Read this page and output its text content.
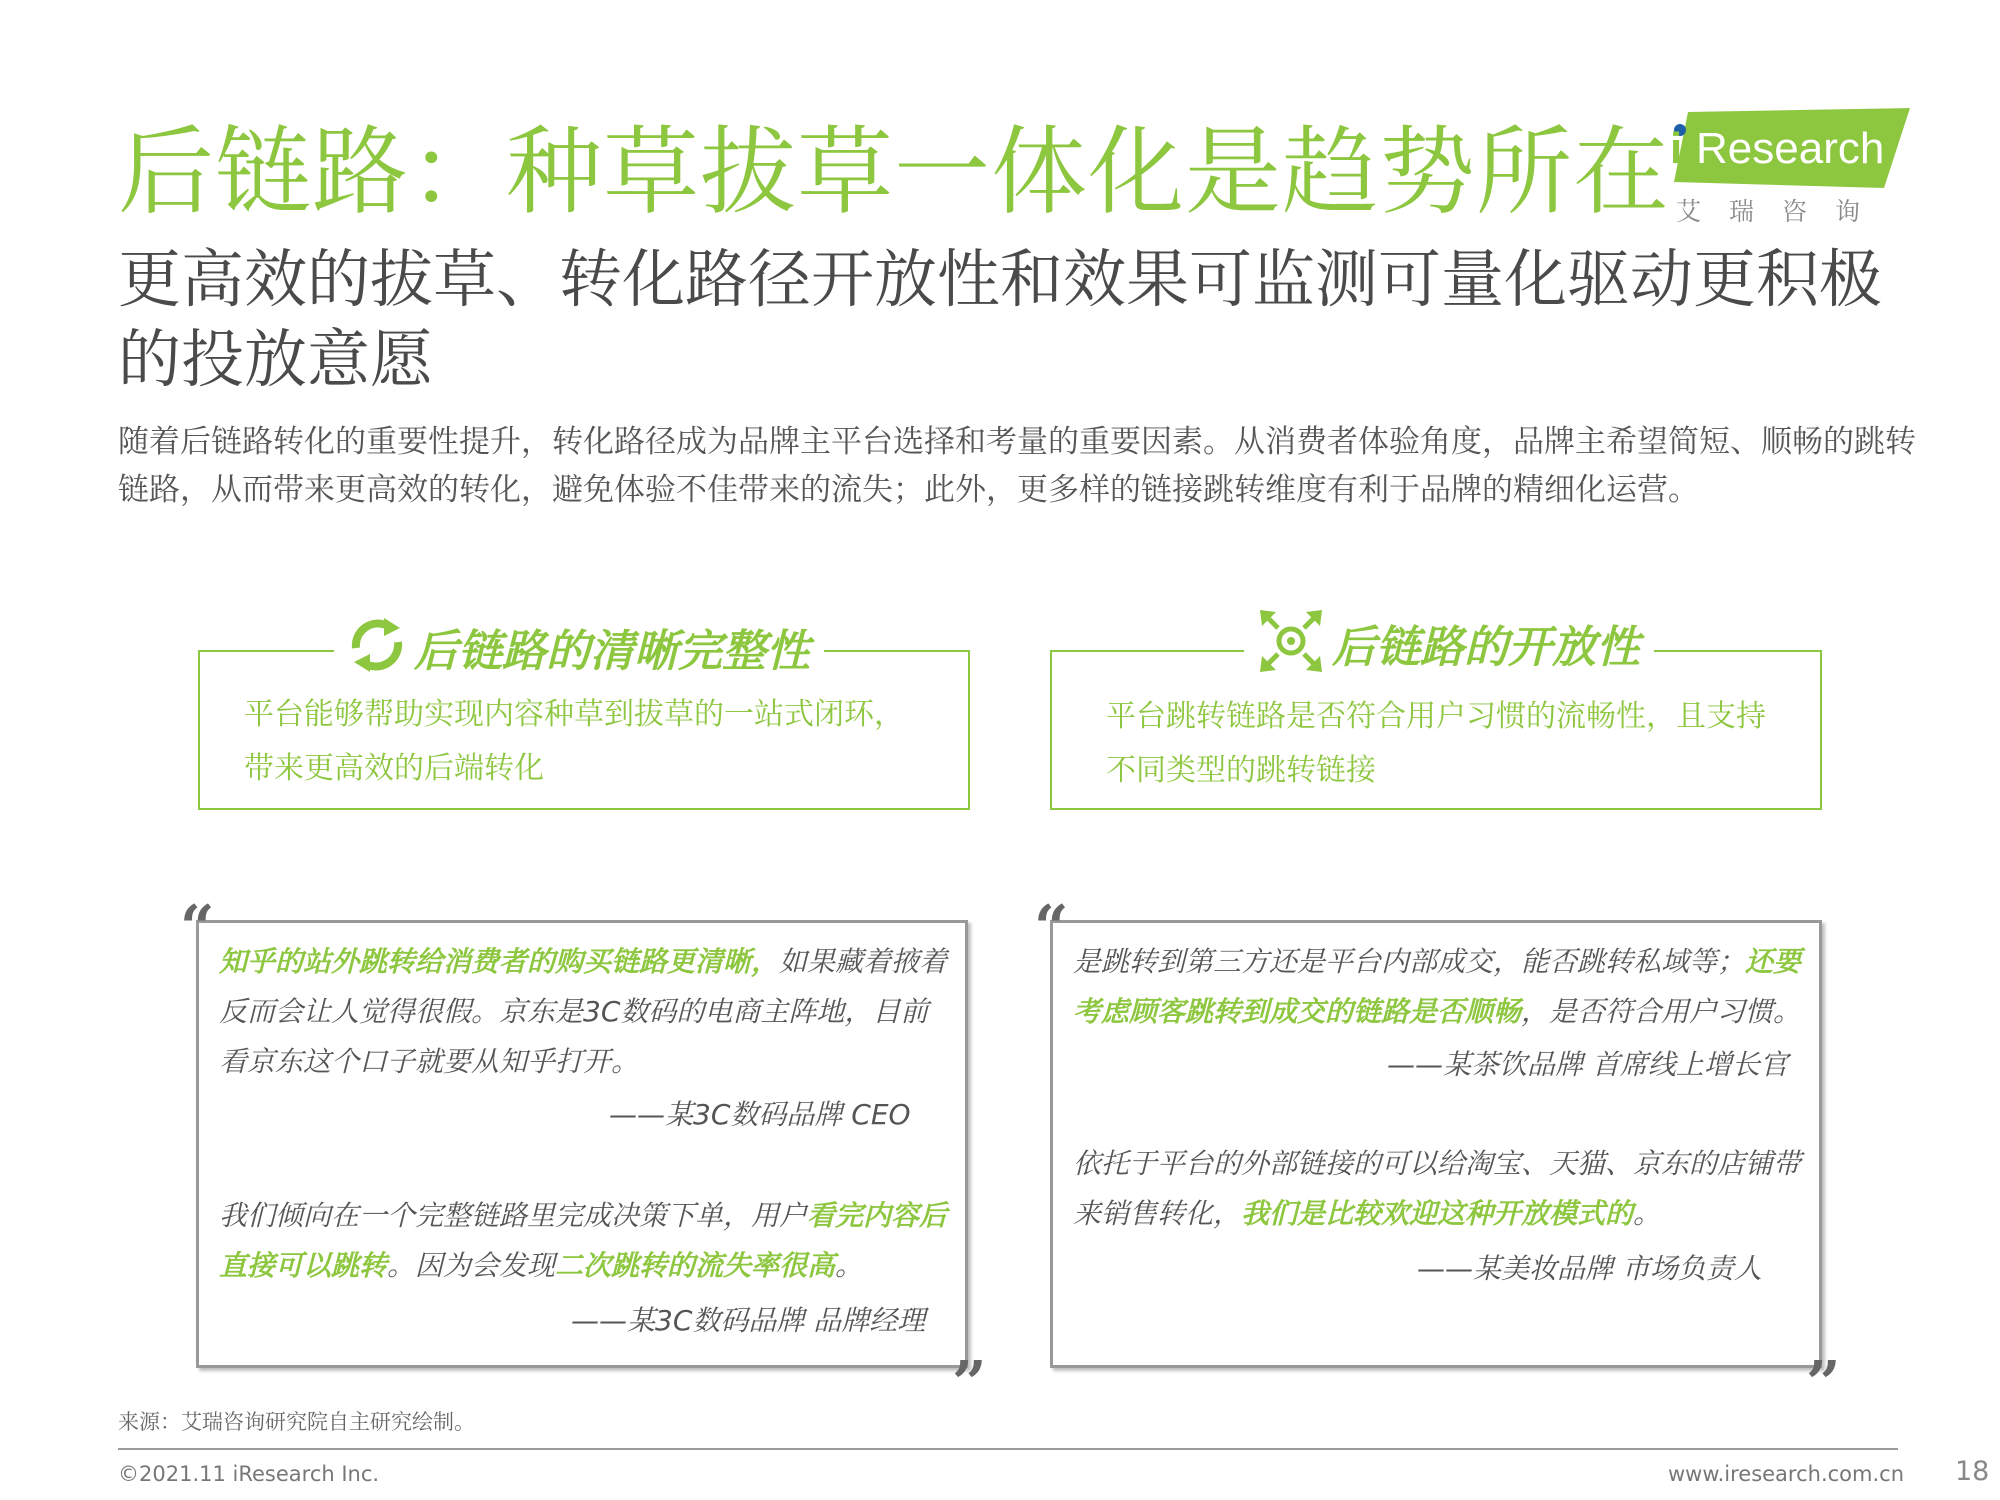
后链路：种草拔草一体化是趋势所在 i Research
艾瑞咨询
更高效的拔草、转化路径开放性和效果可监测可量化驱动更积极的投放意愿
随着后链路转化的重要性提升，转化路径成为品牌主平台选择和考量的重要因素。从消费者体验角度，品牌主希望简短、顺畅的跳转链路，从而带来更高效的转化，避免体验不佳带来的流失；此外，更多样的链接跳转维度有利于品牌的精细化运营。
平台能够帮助实现内容种草到拔草的一站式闭环，
带来更高效的后端转化
后链路的清晰完整性
平台跳转链路是否符合用户习惯的流畅性，且支持
不同类型的跳转链接
后链路的开放性
知乎的站外跳转给消费者的购买链路更清晰，如果藏着掖着
反而会让人觉得很假。京东是3C数码的电商主阵地，目前
看京东这个口子就要从知乎打开。
——某3C数码品牌 CEO
我们倾向在一个完整链路里完成决策下单，用户看完内容后
直接可以跳转。因为会发现二次跳转的流失率很高。
——某3C数码品牌 品牌经理
“
”
是跳转到第三方还是平台内部成交，能否跳转私域等；还要
考虑顾客跳转到成交的链路是否顺畅，是否符合用户习惯。
——某茶饮品牌 首席线上增长官
依托于平台的外部链接的可以给淘宝、天猫、京东的店铺带
来销售转化，我们是比较欢迎这种开放模式的。
——某美妆品牌 市场负责人
“
”
来源：艾瑞咨询研究院自主研究绘制。
©2021.11 iResearch Inc.	www.iresearch.com.cn 18
